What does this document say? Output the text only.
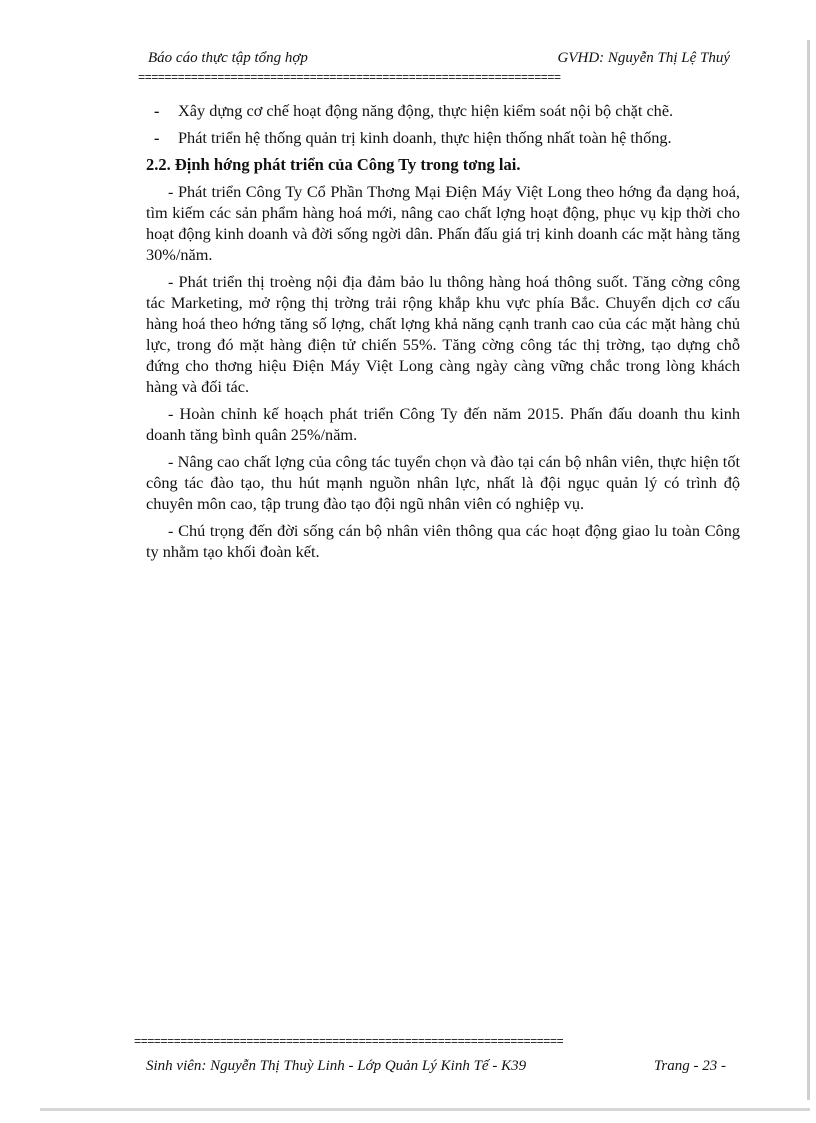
Báo cáo thực tập tổng hợp	GVHD: Nguyễn Thị Lệ Thuý
================================================================

- Xây dựng cơ chế hoạt động năng động, thực hiện kiểm soát nội bộ chặt chẽ.

- Phát triển hệ thống quản trị kinh doanh, thực hiện thống nhất toàn hệ thống.

2.2. Định hớng phát triển của Công Ty trong tơng lai.

- Phát triển Công Ty Cổ Phần Thơng Mại Điện Máy Việt Long theo hớng đa dạng hoá, tìm kiếm các sản phẩm hàng hoá mới, nâng cao chất lợng hoạt động, phục vụ kịp thời cho hoạt động kinh doanh và đời sống ngời dân. Phấn đấu giá trị kinh doanh các mặt hàng tăng 30%/năm.

- Phát triển thị troèng nội địa đảm bảo lu thông hàng hoá thông suốt. Tăng cờng công tác Marketing, mở rộng thị trờng trải rộng khắp khu vực phía Bắc. Chuyển dịch cơ cấu hàng hoá theo hớng tăng số lợng, chất lợng khả năng cạnh tranh cao của các mặt hàng chủ lực, trong đó mặt hàng điện tử chiến 55%. Tăng cờng công tác thị trờng, tạo dựng chỗ đứng cho thơng hiệu Điện Máy Việt Long càng ngày càng vững chắc trong lòng khách hàng và đối tác.

- Hoàn chỉnh kế hoạch phát triển Công Ty đến năm 2015. Phấn đấu doanh thu kinh doanh tăng bình quân 25%/năm.

- Nâng cao chất lợng của công tác tuyển chọn và đào tại cán bộ nhân viên, thực hiện tốt công tác đào tạo, thu hút mạnh nguồn nhân lực, nhất là đội ngục quản lý có trình độ chuyên môn cao, tập trung đào tạo đội ngũ nhân viên có nghiệp vụ.

- Chú trọng đến đời sống cán bộ nhân viên thông qua các hoạt động giao lu toàn Công ty nhằm tạo khối đoàn kết.

=================================================================
Sinh viên: Nguyễn Thị Thuỳ Linh - Lớp Quản Lý Kinh Tế - K39	Trang - 23 -
